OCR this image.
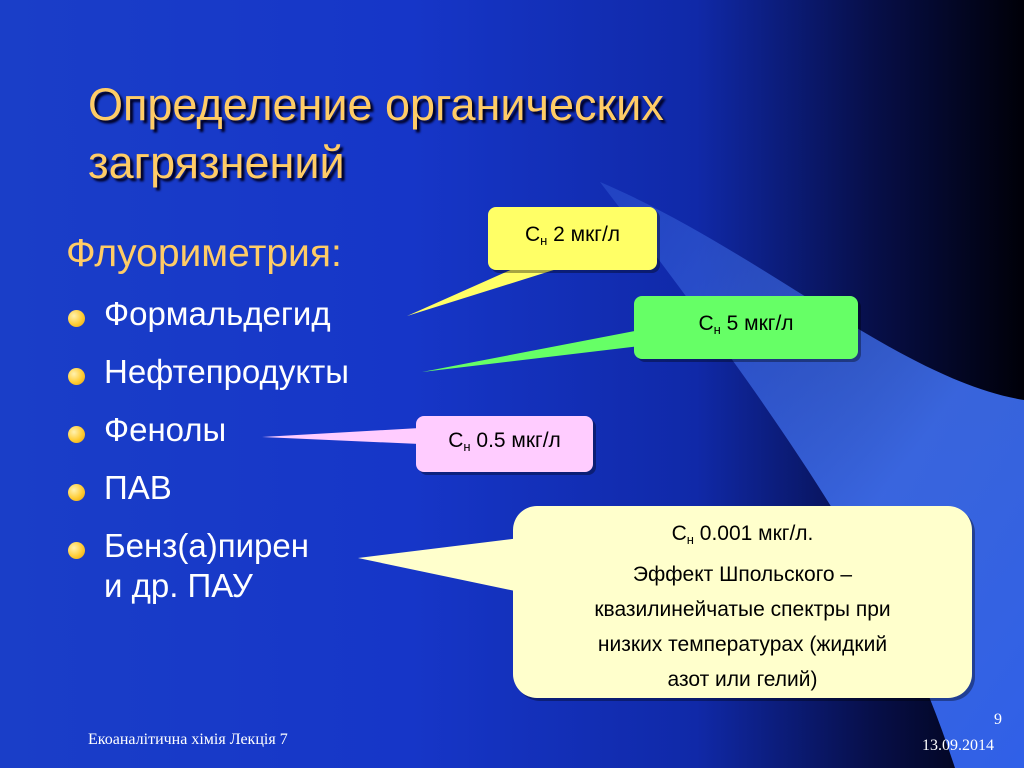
Определение органических загрязнений
Флуориметрия:
Формальдегид
Нефтепродукты
Фенолы
ПАВ
Бенз(а)пирен
и др. ПАУ
$С_н$ 2 мкг/л
$С_н$ 5 мкг/л
$С_н$ 0.5 мкг/л
$С_н$ 0.001 мкг/л.
Эффект Шпольского –
квазилинейчатые спектры при
низких температурах (жидкий
азот или гелий)
Екоаналітична хімія Лекція 7
9
13.09.2014
